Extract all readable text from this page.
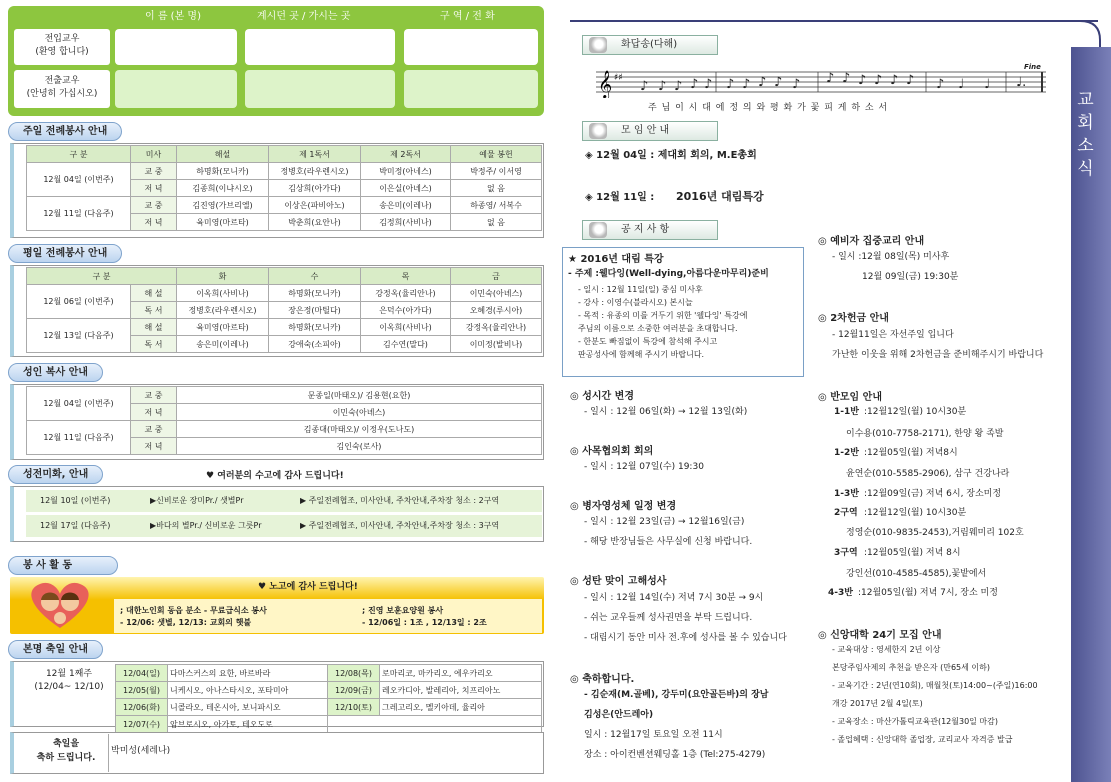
이 름 (본 명)	계시던 곳 / 가시는 곳	구 역 / 전 화
전입교우
(환영 합니다)
전출교우
(안녕히 가십시오)
주일 전례봉사 안내
구 분	미사	해설	제 1독서	제 2독서	예물 봉헌
12월 04일 (이번주)	교 중	하명화(모니카)	정병호(라우렌시오)	박미정(아네스)	박정주/ 이서영
	저 녁	김종희(이냐시오)	김상희(아가다)	이은실(아녜스)	없 음
12월 11일 (다음주)	교 중	김진영(가브리엘)	이상은(파비아노)	송은미(이레나)	하종영/ 서복수
	저 녁	육미영(마르타)	박춘희(요안나)	김정희(사비나)	없 음
평일 전례봉사 안내
구 분		화	수	목	금
12월 06일 (이번주)	해 설	이옥희(사비나)	하명화(모니카)	강정옥(율리안나)	이민숙(아녜스)
	독 서	정병호(라우렌시오)	장은정(마틸다)	은덕수(아가다)	오혜경(루시아)
12월 13일 (다음주)	해 설	육미영(마르타)	하명화(모니카)	이옥희(사비나)	강정옥(율리안나)
	독 서	송은미(이레나)	강애숙(소피아)	김수연(말다)	이미정(발비나)
성인 복사 안내
12월 04일 (이번주)	교 중	문종일(마태오)/ 김용현(요한)
	저 녁	이민숙(아녜스)
12월 11일 (다음주)	교 중	김종대(마태오)/ 이정우(도나도)
	저 녁	김인숙(로사)
성전미화, 안내	♥ 여러분의 수고에 감사 드립니다!
12월 10일 (이번주)	▶신비로운 장미Pr./ 샛별Pr	▶ 주일전례협조, 미사안내, 주차안내,주차장 청소 : 2구역
12월 17일 (다음주)	▶바다의 별Pr./ 신비로운 그릇Pr	▶ 주일전례협조, 미사안내, 주차안내,주차장 청소 : 3구역
봉 사 활 동
♥ 노고에 감사 드립니다!
; 대한노인회 동읍 분소 - 무료급식소 봉사
- 12/06: 샛별, 12/13: 교회의 햇불
; 진영 보훈요양원 봉사
- 12/06일 : 1조 , 12/13일 : 2조
본명 축일 안내
12월 1째주
(12/04~ 12/10)
12/04(일)	다마스커스의 요한, 바르바라	12/08(목)	로마리코, 마카리오, 에우카리오
12/05(월)	니케시오, 아나스타시오, 포타미아	12/09(금)	레오카디아, 발레리아, 치프리아노
12/06(화)	니콜라오, 테온시아, 보니파시오	12/10(토)	그레고리오, 멜키아데, 율리아
12/07(수)	암브로시오, 아가토, 테오도로		
축일을
축하 드립니다.
박미성(세레나)
교회소식
화답송(다해)
𝄞 ♯♯
♪ ♪ ♪ ♪ ♪ ♪ ♪ ♪ ♪ ♪ ♪ ♪ ♪ ♪ ♪ ♪ ♪ ♩ ♩ ♩.
Fine
주 님 이 시 대 에 정 의 와 평 화 가 꽃 피 게 하 소 서
모 임 안 내
◈ 12월 04일 : 제대회 회의, M.E총회
◈ 12월 11일 : 2016년 대림특강
공 지 사 항
★ 2016년 대림 특강
- 주제 :웰다잉(Well-dying,아름다운마무리)준비
- 일시 : 12월 11일(일) 중심 미사후
- 강사 : 이영수(블라시오) 본시늘
- 목적 : 유종의 미를 거두기 위한 '웰다잉' 특강에
주님의 이름으로 소중한 여러분을 초대합니다.
- 한분도 빠짐없이 특강에 참석해 주시고
판공성사에 함께해 주시기 바랍니다.
◎ 성시간 변경
- 일시 : 12월 06일(화) → 12월 13일(화)
◎ 사목협의회 회의
- 일시 : 12월 07일(수) 19:30
◎ 병자영성체 일정 변경
- 일시 : 12월 23일(금) → 12월16일(금)
- 해당 반장님들은 사무실에 신청 바랍니다.
◎ 성탄 맞이 고해성사
- 일시 : 12월 14일(수) 저녁 7시 30분 → 9시
- 쉬는 교우들께 성사권면을 부탁 드립니다.
- 대림시기 동안 미사 전.후에 성사를 볼 수 있습니다
◎ 축하합니다.
- 김순재(M.골베), 강두미(요안골든바)의 장남
김성은(안드레아)
일시 : 12월17일 토요일 오전 11시
장소 : 아이컨벤션웨딩홀 1층 (Tel:275-4279)
◎ 예비자 집중교리 안내
- 일시 :12월 08일(목) 미사후
12월 09일(금) 19:30분
◎ 2차헌금 안내
- 12월11일은 자선주일 입니다
가난한 이웃을 위해 2차헌금을 준비해주시기 바랍니다
◎ 반모임 안내
1-1반 :12월12일(월) 10시30분
이수용(010-7758-2171), 한양 왕 족발
1-2반 :12월05일(월) 저녁8시
윤연순(010-5585-2906), 삼구 건강나라
1-3반 :12월09일(금) 저녁 6시, 장소미정
2구역 :12월12일(월) 10시30분
정영순(010-9835-2453),거림웨미리 102호
3구역 :12월05일(월) 저녁 8시
강인선(010-4585-4585),꽃밭에서
4-3반 :12월05일(월) 저녁 7시, 장소 미정
◎ 신앙대학 24기 모집 안내
- 교육대상 : 영세한지 2년 이상
본당주임사제의 추천을 받은자 (만65세 이하)
- 교육기간 : 2년(연10회), 매월첫(토)14:00~(주일)16:00
개강 2017년 2월 4일(토)
- 교육장소 : 마산가톨릭교육관(12월30일 마감)
- 졸업혜택 : 신앙대학 졸업장, 교리교사 자격증 발급
